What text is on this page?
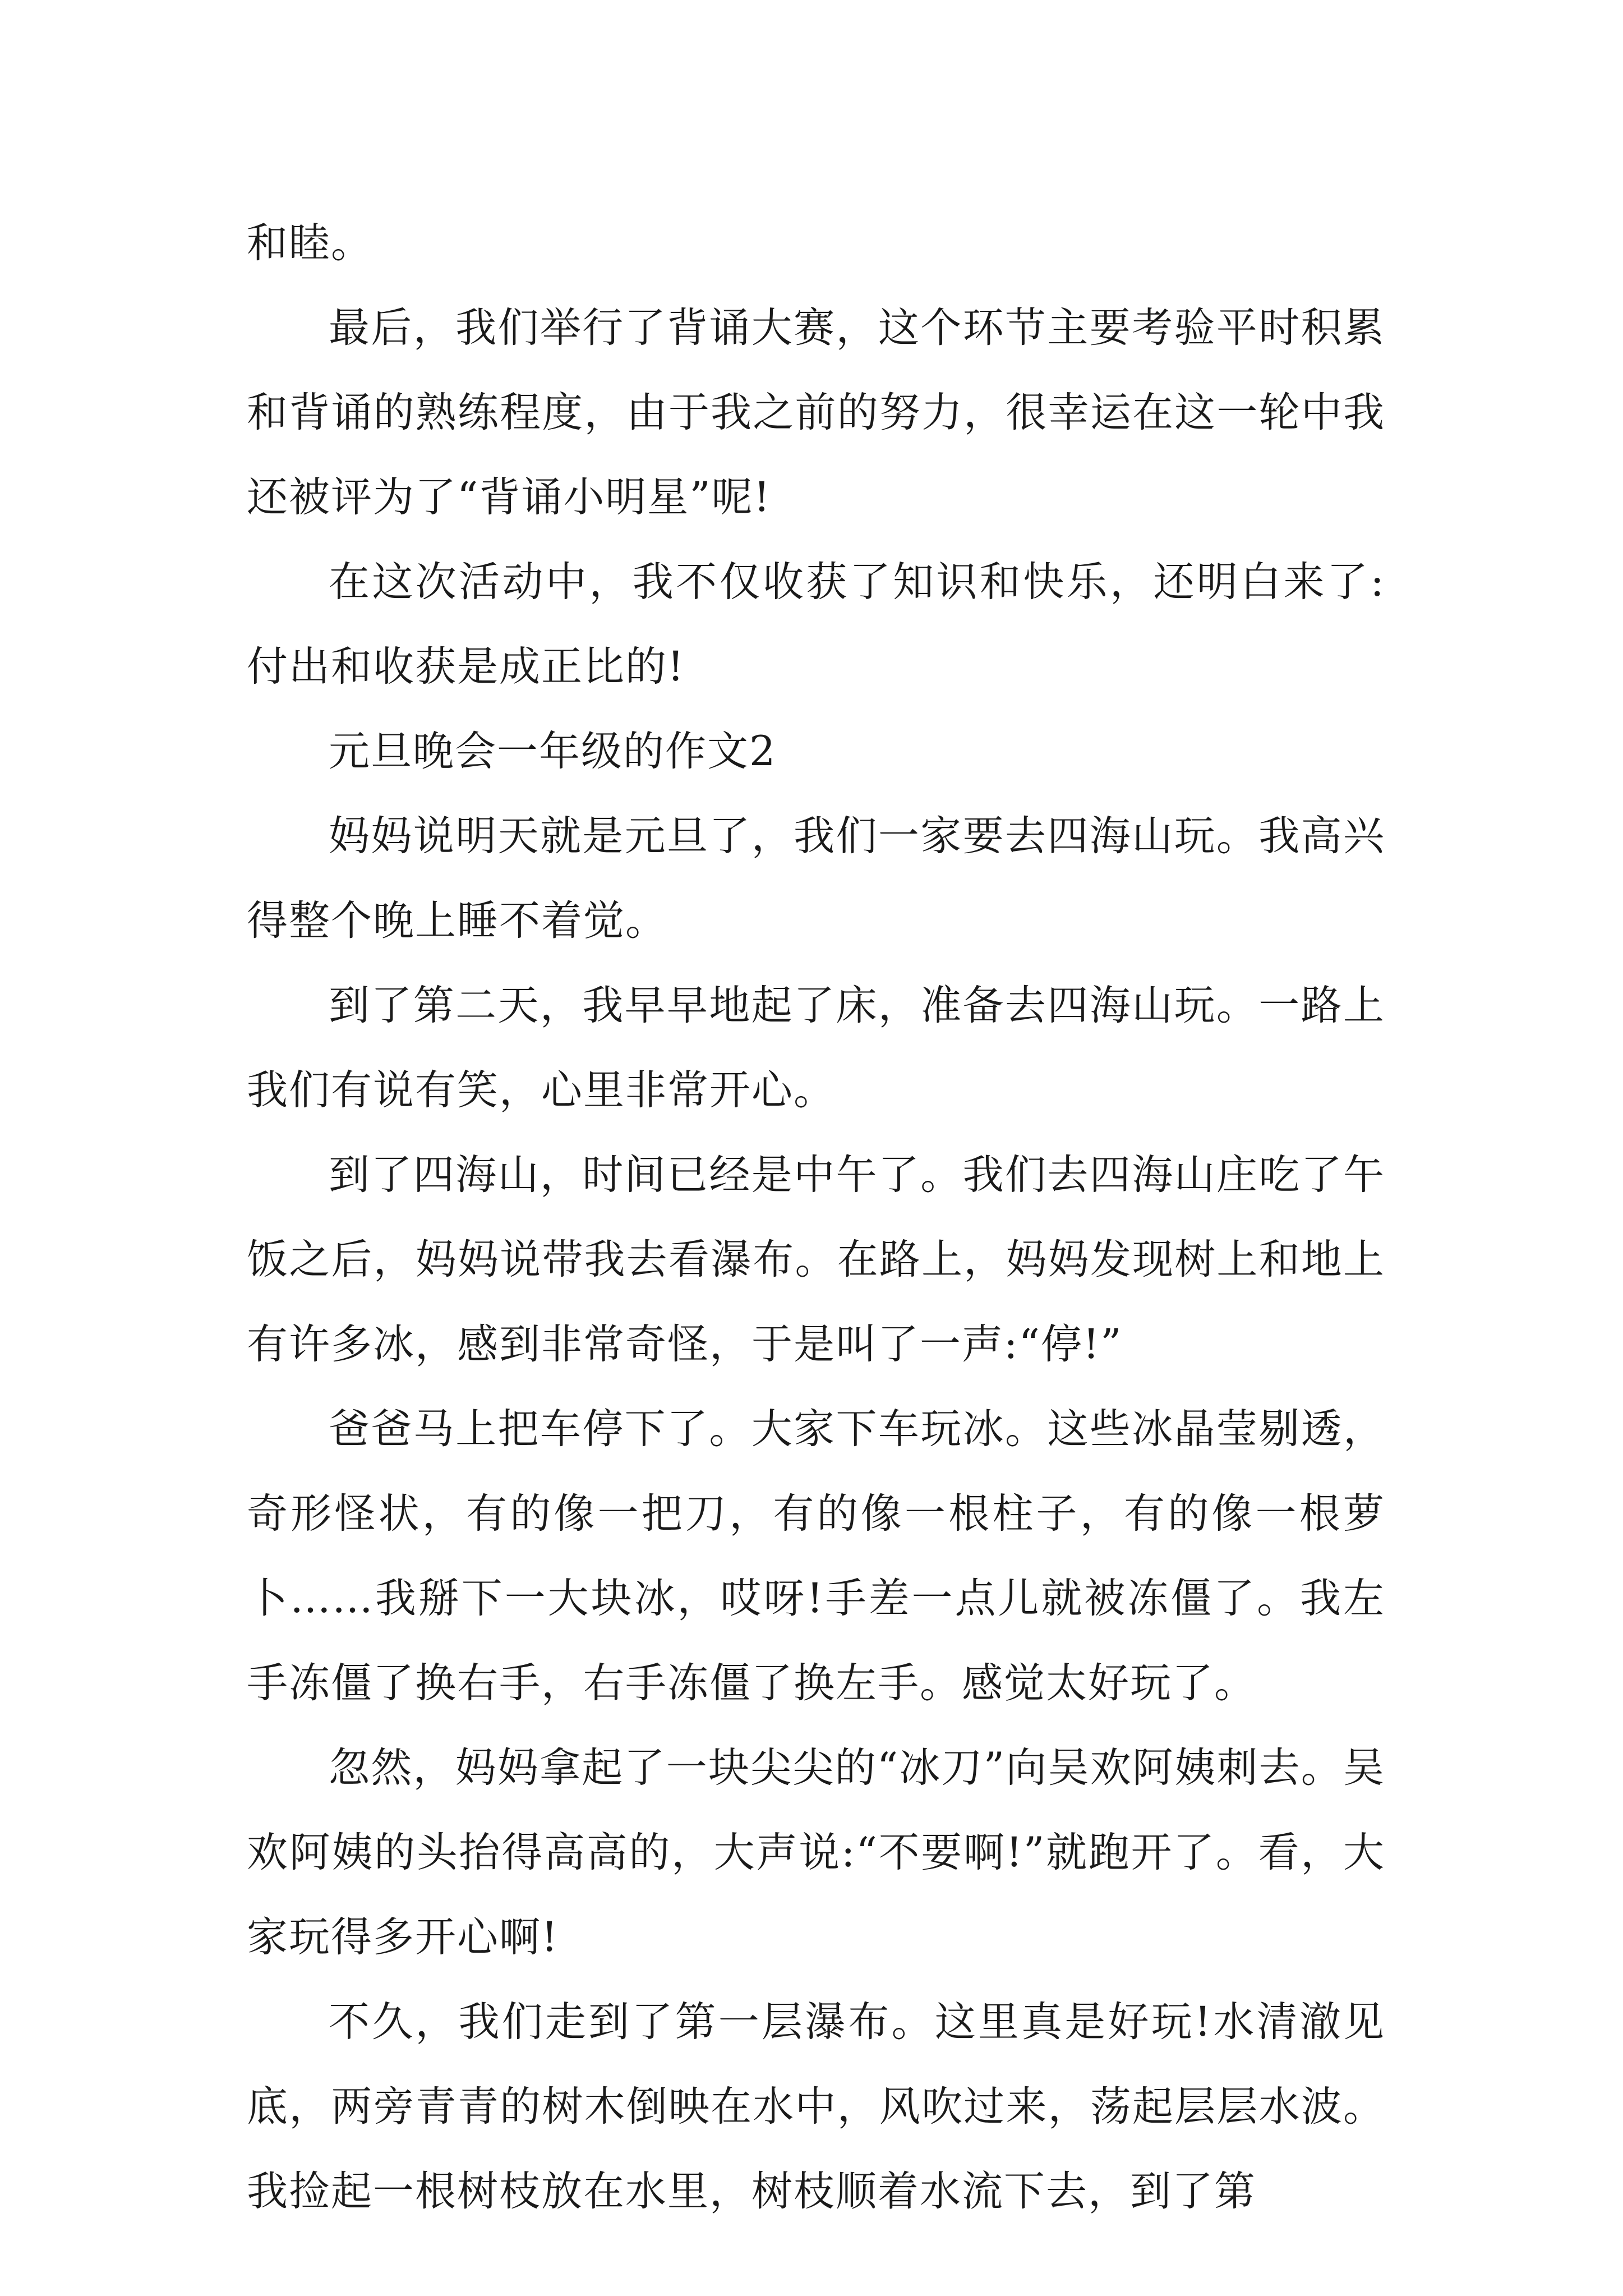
和睦。

最后，我们举行了背诵大赛，这个环节主要考验平时积累和背诵的熟练程度，由于我之前的努力，很幸运在这一轮中我还被评为了“背诵小明星”呢!

在这次活动中，我不仅收获了知识和快乐，还明白来了:付出和收获是成正比的!

元旦晚会一年级的作文2

妈妈说明天就是元旦了，我们一家要去四海山玩。我高兴得整个晚上睡不着觉。

到了第二天，我早早地起了床，准备去四海山玩。一路上我们有说有笑，心里非常开心。

到了四海山，时间已经是中午了。我们去四海山庄吃了午饭之后，妈妈说带我去看瀑布。在路上，妈妈发现树上和地上有许多冰，感到非常奇怪，于是叫了一声:“停!”

爸爸马上把车停下了。大家下车玩冰。这些冰晶莹剔透，奇形怪状，有的像一把刀，有的像一根柱子，有的像一根萝卜……我掰下一大块冰，哎呀!手差一点儿就被冻僵了。我左手冻僵了换右手，右手冻僵了换左手。感觉太好玩了。

忽然，妈妈拿起了一块尖尖的“冰刀”向吴欢阿姨刺去。吴欢阿姨的头抬得高高的，大声说:“不要啊!”就跑开了。看，大家玩得多开心啊!

不久，我们走到了第一层瀑布。这里真是好玩!水清澈见底，两旁青青的树木倒映在水中，风吹过来，荡起层层水波。我捡起一根树枝放在水里，树枝顺着水流下去，到了第
